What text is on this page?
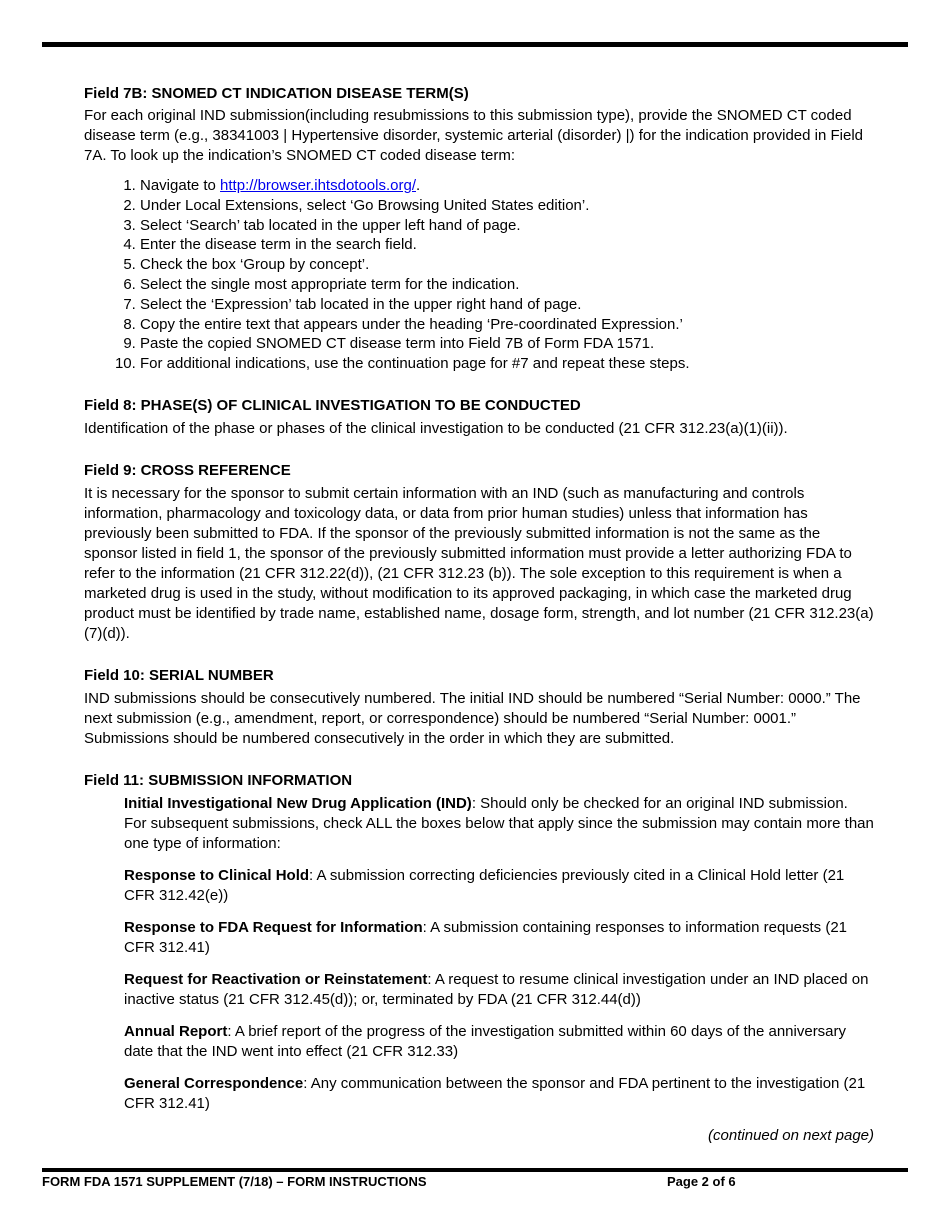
Field 7B: SNOMED CT INDICATION DISEASE TERM(S)

For each original IND submission(including resubmissions to this submission type), provide the SNOMED CT coded disease term (e.g., 38341003 | Hypertensive disorder, systemic arterial (disorder) |) for the indication provided in Field 7A. To look up the indication’s SNOMED CT coded disease term:

1. Navigate to http://browser.ihtsdotools.org/.
2. Under Local Extensions, select ‘Go Browsing United States edition’.
3. Select ‘Search’ tab located in the upper left hand of page.
4. Enter the disease term in the search field.
5. Check the box ‘Group by concept’.
6. Select the single most appropriate term for the indication.
7. Select the ‘Expression’ tab located in the upper right hand of page.
8. Copy the entire text that appears under the heading ‘Pre-coordinated Expression.’
9. Paste the copied SNOMED CT disease term into Field 7B of Form FDA 1571.
10. For additional indications, use the continuation page for #7 and repeat these steps.
Field 8: PHASE(S) OF CLINICAL INVESTIGATION TO BE CONDUCTED

Identification of the phase or phases of the clinical investigation to be conducted (21 CFR 312.23(a)(1)(ii)).

Field 9: CROSS REFERENCE

It is necessary for the sponsor to submit certain information with an IND (such as manufacturing and controls information, pharmacology and toxicology data, or data from prior human studies) unless that information has previously been submitted to FDA. If the sponsor of the previously submitted information is not the same as the sponsor listed in field 1, the sponsor of the previously submitted information must provide a letter authorizing FDA to refer to the information (21 CFR 312.22(d)), (21 CFR 312.23 (b)). The sole exception to this requirement is when a marketed drug is used in the study, without modification to its approved packaging, in which case the marketed drug product must be identified by trade name, established name, dosage form, strength, and lot number (21 CFR 312.23(a)(7)(d)).

Field 10: SERIAL NUMBER

IND submissions should be consecutively numbered. The initial IND should be numbered “Serial Number: 0000.” The next submission (e.g., amendment, report, or correspondence) should be numbered “Serial Number: 0001.” Submissions should be numbered consecutively in the order in which they are submitted.

Field 11: SUBMISSION INFORMATION

Initial Investigational New Drug Application (IND): Should only be checked for an original IND submission. For subsequent submissions, check ALL the boxes below that apply since the submission may contain more than one type of information:

Response to Clinical Hold: A submission correcting deficiencies previously cited in a Clinical Hold letter (21 CFR 312.42(e))

Response to FDA Request for Information: A submission containing responses to information requests (21 CFR 312.41)

Request for Reactivation or Reinstatement: A request to resume clinical investigation under an IND placed on inactive status (21 CFR 312.45(d)); or, terminated by FDA (21 CFR 312.44(d))

Annual Report: A brief report of the progress of the investigation submitted within 60 days of the anniversary date that the IND went into effect (21 CFR 312.33)

General Correspondence: Any communication between the sponsor and FDA pertinent to the investigation (21 CFR 312.41)

(continued on next page)

FORM FDA 1571 SUPPLEMENT (7/18) – FORM INSTRUCTIONS	Page 2 of 6
